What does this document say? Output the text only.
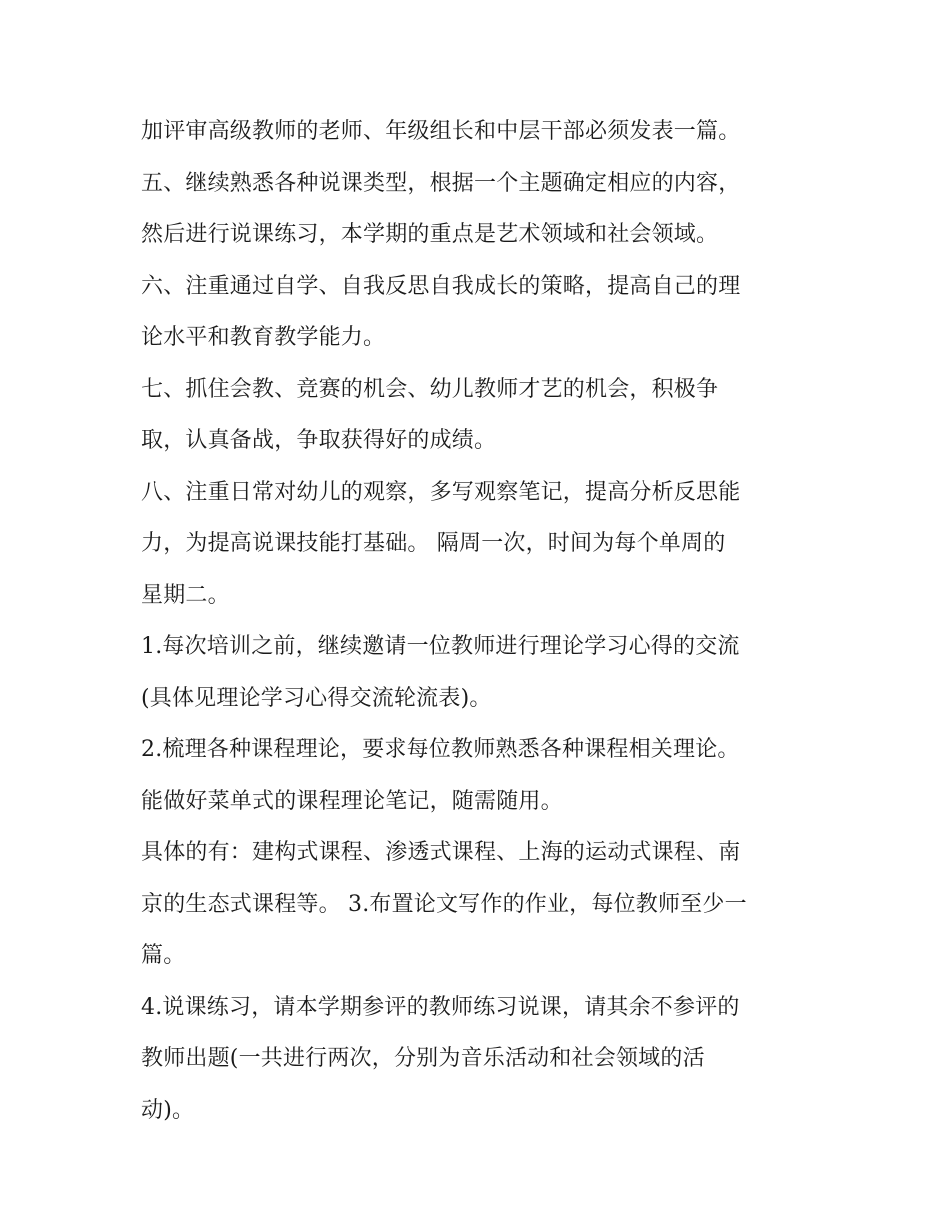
加评审高级教师的老师、年级组长和中层干部必须发表一篇。
五、继续熟悉各种说课类型，根据一个主题确定相应的内容，
然后进行说课练习，本学期的重点是艺术领域和社会领域。
六、注重通过自学、自我反思自我成长的策略，提高自己的理
论水平和教育教学能力。
七、抓住会教、竞赛的机会、幼儿教师才艺的机会，积极争
取，认真备战，争取获得好的成绩。
八、注重日常对幼儿的观察，多写观察笔记，提高分析反思能
力，为提高说课技能打基础。 隔周一次，时间为每个单周的
星期二。
1.每次培训之前，继续邀请一位教师进行理论学习心得的交流
(具体见理论学习心得交流轮流表)。
2.梳理各种课程理论，要求每位教师熟悉各种课程相关理论。
能做好菜单式的课程理论笔记，随需随用。
具体的有：建构式课程、渗透式课程、上海的运动式课程、南
京的生态式课程等。 3.布置论文写作的作业，每位教师至少一
篇。
4.说课练习，请本学期参评的教师练习说课，请其余不参评的
教师出题(一共进行两次，分别为音乐活动和社会领域的活
动)。
